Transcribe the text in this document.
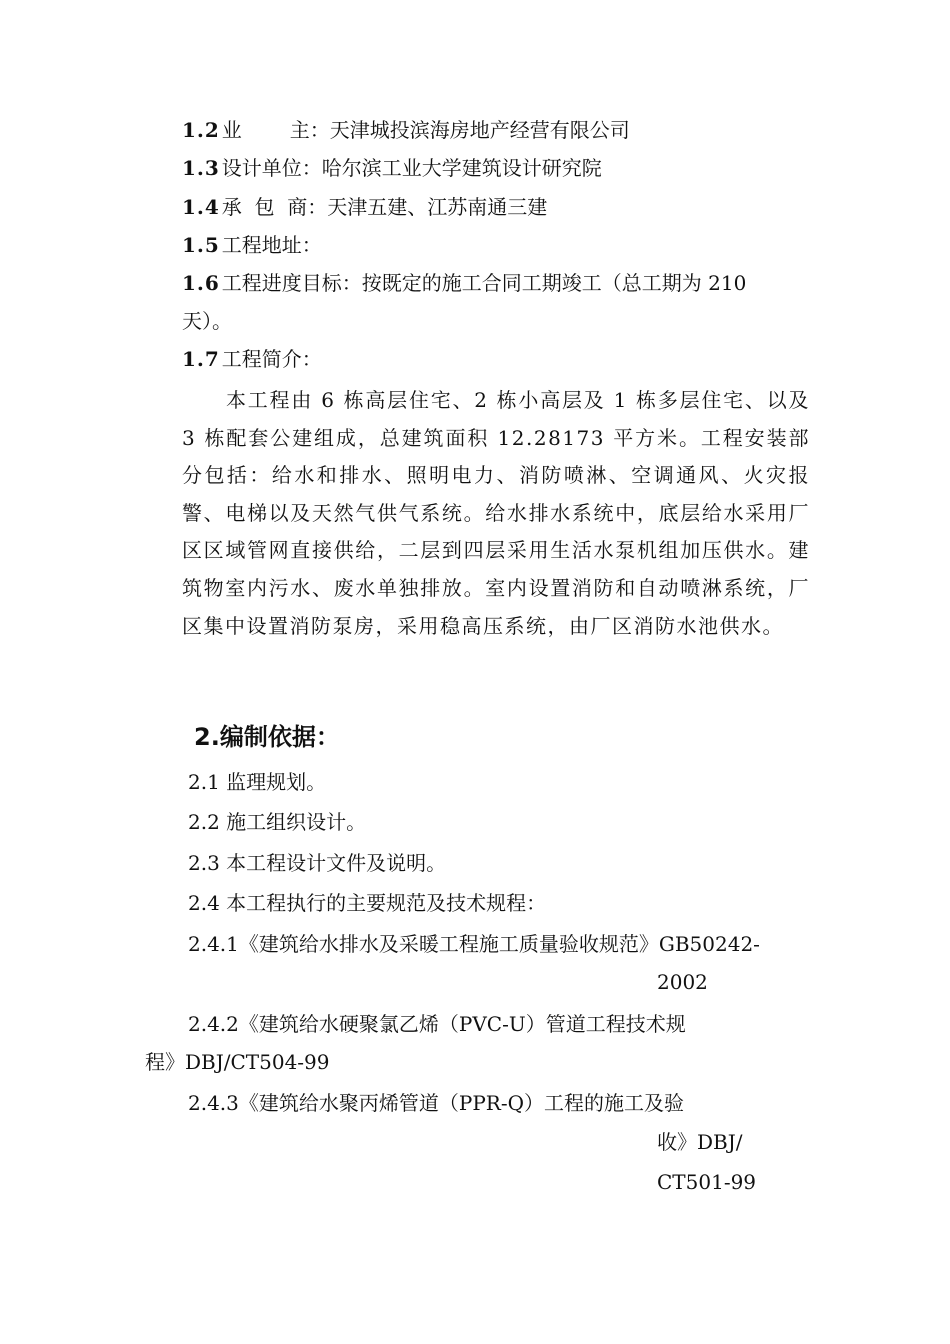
1.2 业 主：天津城投滨海房地产经营有限公司
1.3 设计单位：哈尔滨工业大学建筑设计研究院
1.4 承  包  商：天津五建、江苏南通三建
1.5 工程地址：
1.6 工程进度目标：按既定的施工合同工期竣工（总工期为 210
天）。
1.7 工程简介：
本工程由 6 栋高层住宅、2 栋小高层及 1 栋多层住宅、以及 3 栋配套公建组成，总建筑面积 12.28173 平方米。工程安装部分包括：给水和排水、照明电力、消防喷淋、空调通风、火灾报警、电梯以及天然气供气系统。给水排水系统中，底层给水采用厂区区域管网直接供给，二层到四层采用生活水泵机组加压供水。建筑物室内污水、废水单独排放。室内设置消防和自动喷淋系统，厂区集中设置消防泵房，采用稳高压系统，由厂区消防水池供水。
2.编制依据：
2.1 监理规划。
2.2 施工组织设计。
2.3 本工程设计文件及说明。
2.4 本工程执行的主要规范及技术规程：
2.4.1《建筑给水排水及采暖工程施工质量验收规范》GB50242-
2002
2.4.2《建筑给水硬聚氯乙烯（PVC-U）管道工程技术规
程》DBJ/CT504-99
2.4.3《建筑给水聚丙烯管道（PPR-Q）工程的施工及验
收》DBJ/
CT501-99
